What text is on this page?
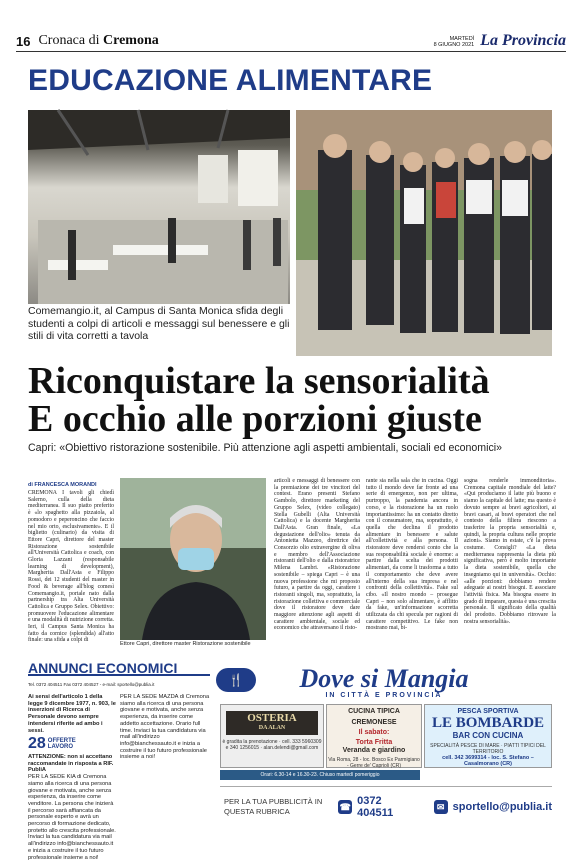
16 Cronaca di Cremona	MARTEDÌ
8 GIUGNO 2021 La Provincia
EDUCAZIONE ALIMENTARE
Comemangio.it, al Campus di Santa Monica sfida degli studenti a colpi di articoli e messaggi sul benessere e gli stili di vita corretti a tavola
Riconquistare la sensorialità
E occhio alle porzioni giuste
Capri: «Obiettivo ristorazione sostenibile. Più attenzione agli aspetti ambientali, sociali ed economici»
di FRANCESCA MORANDI
CREMONA I tavoli gli chiedì Salerno, culla della dieta mediterranea. Il suo piatto preferito è «lo spaghetto alla pizzaiola, al pomodoro e peperoncino che faccio nel mio orto, esclusivamente». E il biglietto (culinario) da visita di Ettore Capri, direttore del master Ristorazione sostenibile all'Università Cattolica e coach, con Gloria Lazzani (responsabile learning di development), Margherita Dall'Asta e Filippo Rossi, dei 12 studenti del master in Food & beverage all'blog comesì Comemangio.it, portale nato dalla partnership tra Alta Università Cattolica e Gruppo Selex. Obiettivo: promuovere l'educazione alimentare e una modalità di nutrizione corretta. Ieri, il Campus Santa Monica ha fatto da cornice (splendida) all'atto finale: una sfida a colpi di
Ettore Capri, direttore master Ristorazione sostenibile
articoli e messaggi di benessere con la premiazione dei tre vincitori del contest. Erano presenti Stefano Gambolo, direttore marketing del Gruppo Selex, (video collegato) Stella Gubelli (Alta Università Cattolica) e la docente Margherita Dall'Asta. Gran finale, «La degustazione dell'olio» tenuta da Antonietta Mazzeo, direttrice del Consorzio olio extravergine di oliva e membro dell'Associazione ristoranti dell'olio e dalla ristoratrice Milena Lambri. «Ristorazione sostenibile – spiega Capri – è una nuova professione che mi proposto futuro, a partire da oggi, carattere i ristoranti singoli, ma, soprattutto, la ristorazione collettiva e commerciale dove il ristoratore deve dare maggiore attenzione agli aspetti di carattere ambientale, sociale ed economico che attraversano il risto-
rante sia nella sala che in cucina. Oggi tutto il mondo deve far fronte ad una serie di emergenze, non per ultima, purtroppo, la pandemia ancora in corso, e la ristorazione ha un ruolo importantissimo: ha un contatto diretto con il consumatore, ma, soprattutto, è quella che declina il prodotto alimentare in benessere e salute all'collettività e alla persona. Il ristoratore deve rendersi conto che la sua responsabilità sociale è enorme: a partire dalla scelta dei prodotti alimentari, da come li trasforma a tutto il comportamento che deve avere all'interno della sua impresa e nel confronti della collettività». Fake sul cibo. «Il nostro mondo – prosegue Capri – non solo alimentare, è afflitto da fake, un'informazione scorretta utilizzata da chi specula per ragioni di carattere competitivo. Le fake non mostrano mai, bi-
sogna renderle immonditoria». Cremona capitale mondiale del latte? «Qui produciamo il latte più buono e siamo la capitale del latte; ma questo è dovuto sempre ai bravi agricoltori, ai bravi casari, ai bravi operatori che nel contesto della filiera riescono a trasferire la propria sensorialità e, quindi, la propria cultura nelle proprie azioni». Siamo in estate, c'è la prova costume. Consigli? «La dieta mediterranea rappresenta la dieta più significativa, però è molto importante la dieta sostenibile, quella che insegniamo qui in università». Occhio: «alle porzioni: dobbiamo rendere adeguate ai nostri bisogni. E associare l'attività fisica. Ma bisogna essere in grado di imparare, questa è una crescita personale. Il significato della qualità del prodotto. Dobbiamo ritrovare la nostra sensorialità».
ANNUNCI ECONOMICI
Tel. 0372 404511 Fax 0372 404527 - e-mail: sportello@publia.it
Ai sensi dell'articolo 1 della legge 9 dicembre 1977, n. 903, le inserzioni di Ricerca di Personale devono sempre intendersi riferite ad ambo i sessi.
28 OFFERTE
LAVORO
ATTENZIONE: non si accettano raccomandate in risposta a RIF. PubliA
PER LA SEDE KIA di Cremona siamo alla ricerca di una persona giovane e motivata, anche senza esperienza, da inserire come venditore. La persona che inizierà il percorso sarà affiancata da personale esperto e avrà un percorso di formazione dedicato, protetto allo crescita professionale. Inviaci la tua candidatura via mail all'indirizzo info@bianchessauto.it e inizia a costruire il tuo futuro professionale insieme a noi!
PER LA SEDE MAZDA di Cremona siamo alla ricerca di una persona giovane e motivata, anche senza esperienza, da inserire come addetto accettazione. Orario full time. Inviaci la tua candidatura via mail all'indirizzo info@bianchessauto.it e inizia a costruire il tuo futuro professionale insieme a noi!
🍴	Dove si Mangia
IN CITTÀ E PROVINCIA
OSTERIA
DA ALAN
è gradita la prenotazione · cell. 333 5960309 e 340 1256015 · alan.delendi@gmail.com
CUCINA TIPICA
CREMONESE
Il sabato:
Torta Fritta
Veranda e giardino
Via Roma, 28 - loc. Bosco Ex Parmigiano - Gerre de' Caprioli (CR)
PESCA SPORTIVA
LE BOMBARDE
BAR CON CUCINA
SPECIALITÀ PESCE DI MARE · PIATTI TIPICI DEL TERRITORIO
cell. 342 3699314 - loc. S. Stefano – Casalmorano (CR)
Orari: 6.30-14 e 16.30-23. Chiuso martedì pomeriggio
PER LA TUA PUBBLICITÀ IN QUESTA RUBRICA	☎ 0372 404511	✉ sportello@publia.it
